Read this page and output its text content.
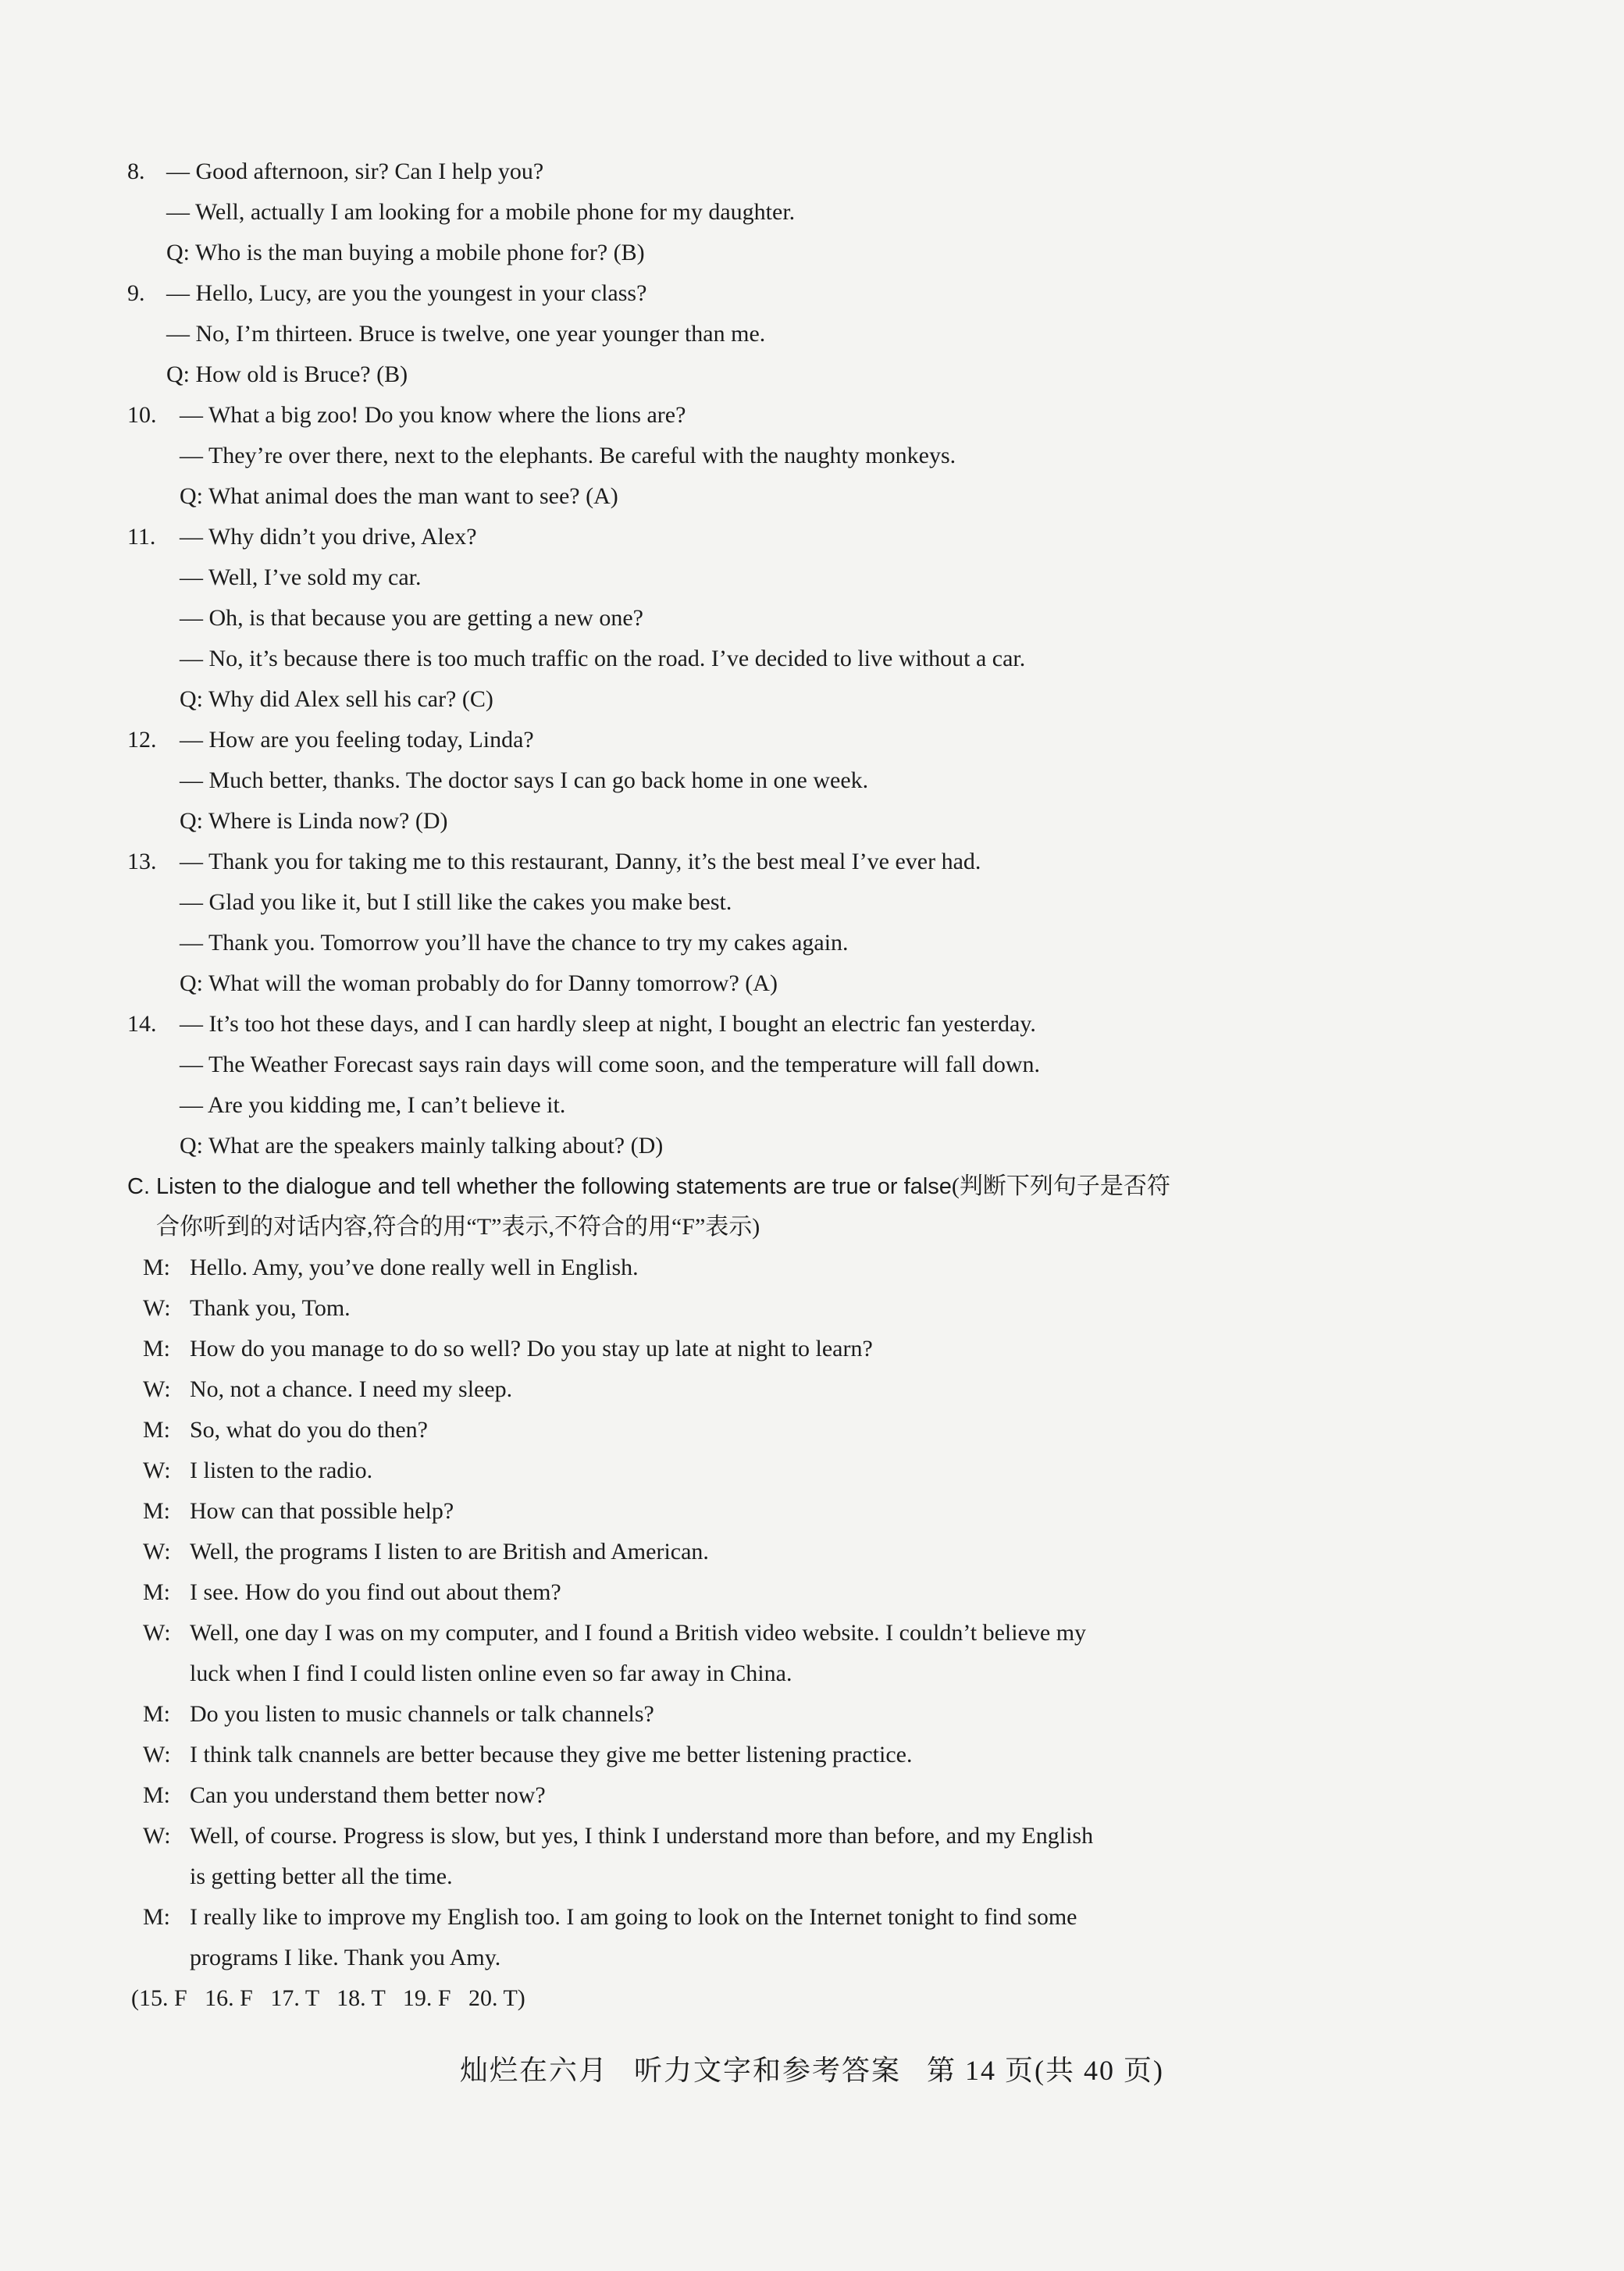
8. — Good afternoon, sir? Can I help you?
— Well, actually I am looking for a mobile phone for my daughter.
Q: Who is the man buying a mobile phone for? (B)
9. — Hello, Lucy, are you the youngest in your class?
— No, I’m thirteen. Bruce is twelve, one year younger than me.
Q: How old is Bruce? (B)
10. — What a big zoo! Do you know where the lions are?
— They’re over there, next to the elephants. Be careful with the naughty monkeys.
Q: What animal does the man want to see? (A)
11. — Why didn’t you drive, Alex?
— Well, I’ve sold my car.
— Oh, is that because you are getting a new one?
— No, it’s because there is too much traffic on the road. I’ve decided to live without a car.
Q: Why did Alex sell his car? (C)
12. — How are you feeling today, Linda?
— Much better, thanks. The doctor says I can go back home in one week.
Q: Where is Linda now? (D)
13. — Thank you for taking me to this restaurant, Danny, it’s the best meal I’ve ever had.
— Glad you like it, but I still like the cakes you make best.
— Thank you. Tomorrow you’ll have the chance to try my cakes again.
Q: What will the woman probably do for Danny tomorrow? (A)
14. — It’s too hot these days, and I can hardly sleep at night, I bought an electric fan yesterday.
— The Weather Forecast says rain days will come soon, and the temperature will fall down.
— Are you kidding me, I can’t believe it.
Q: What are the speakers mainly talking about? (D)
C. Listen to the dialogue and tell whether the following statements are true or false(判断下列句子是否符
合你听到的对话内容,符合的用“T”表示,不符合的用“F”表示)
M: Hello. Amy, you’ve done really well in English.
W: Thank you, Tom.
M: How do you manage to do so well? Do you stay up late at night to learn?
W: No, not a chance. I need my sleep.
M: So, what do you do then?
W: I listen to the radio.
M: How can that possible help?
W: Well, the programs I listen to are British and American.
M: I see. How do you find out about them?
W: Well, one day I was on my computer, and I found a British video website. I couldn’t believe my
luck when I find I could listen online even so far away in China.
M: Do you listen to music channels or talk channels?
W: I think talk cnannels are better because they give me better listening practice.
M: Can you understand them better now?
W: Well, of course. Progress is slow, but yes, I think I understand more than before, and my English
is getting better all the time.
M: I really like to improve my English too. I am going to look on the Internet tonight to find some
programs I like. Thank you Amy.
(15. F   16. F   17. T   18. T   19. F   20. T)
灿烂在六月   听力文字和参考答案   第 14 页(共 40 页)
